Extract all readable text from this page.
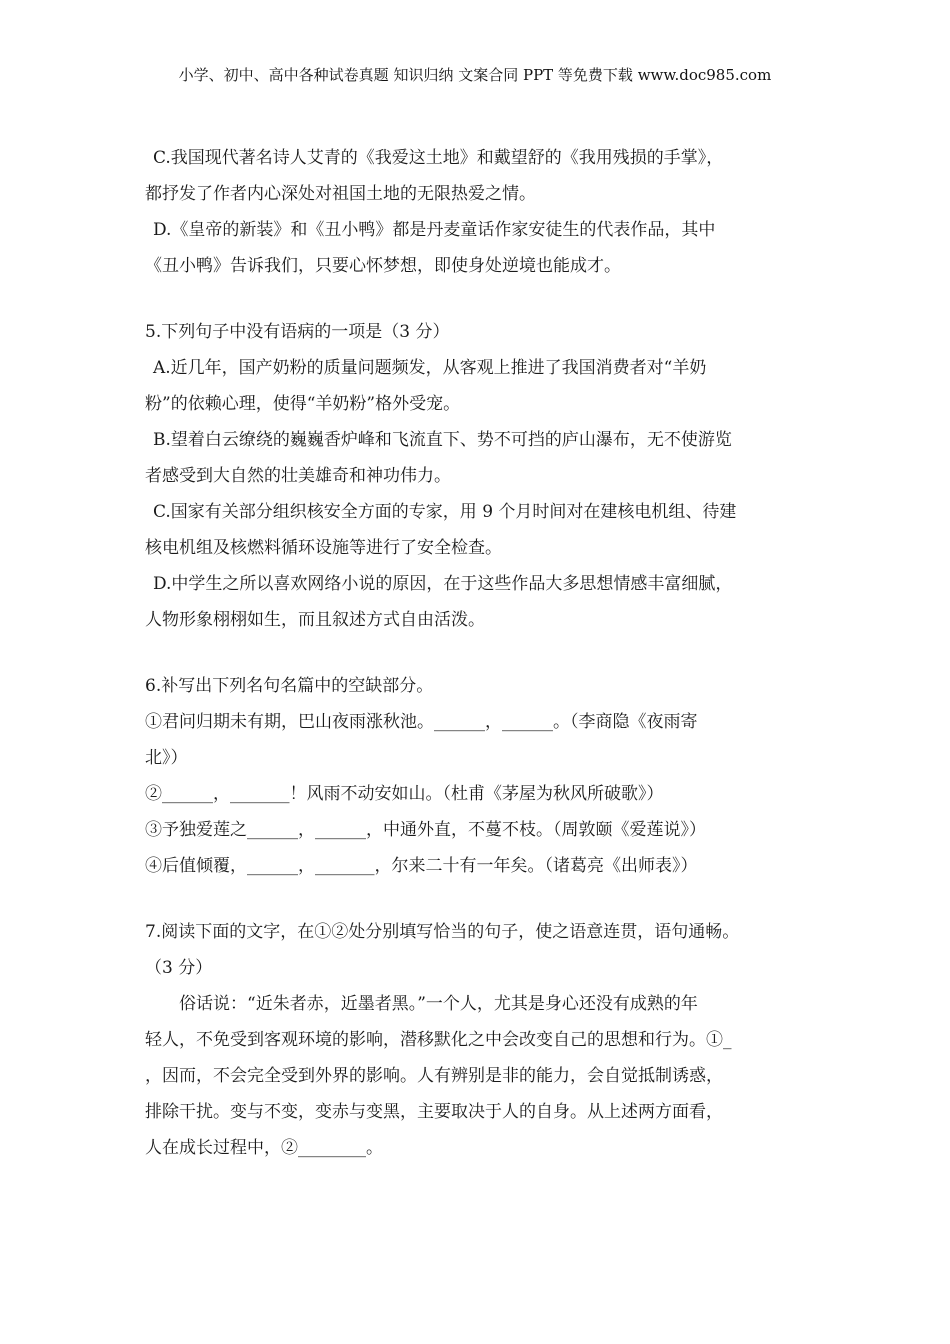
小学、初中、高中各种试卷真题 知识归纳 文案合同 PPT 等免费下载 www.doc985.com

C.我国现代著名诗人艾青的《我爱这土地》和戴望舒的《我用残损的手掌》，

都抒发了作者内心深处对祖国土地的无限热爱之情。

D.《皇帝的新装》和《丑小鸭》都是丹麦童话作家安徒生的代表作品，其中

《丑小鸭》告诉我们，只要心怀梦想，即使身处逆境也能成才。

5.下列句子中没有语病的一项是（3 分）

A.近几年，国产奶粉的质量问题频发，从客观上推进了我国消费者对“羊奶

粉”的依赖心理，使得“羊奶粉”格外受宠。

B.望着白云缭绕的巍巍香炉峰和飞流直下、势不可挡的庐山瀑布，无不使游览

者感受到大自然的壮美雄奇和神功伟力。

C.国家有关部分组织核安全方面的专家，用 9 个月时间对在建核电机组、待建

核电机组及核燃料循环设施等进行了安全检查。

D.中学生之所以喜欢网络小说的原因，在于这些作品大多思想情感丰富细腻，

人物形象栩栩如生，而且叙述方式自由活泼。

6.补写出下列名句名篇中的空缺部分。

①君问归期未有期，巴山夜雨涨秋池。______，______。（李商隐《夜雨寄

北》）

②______，_______！风雨不动安如山。（杜甫《茅屋为秋风所破歌》）

③予独爱莲之______，______，中通外直，不蔓不枝。（周敦颐《爱莲说》）

④后值倾覆，______，_______，尔来二十有一年矣。（诸葛亮《出师表》）

7.阅读下面的文字，在①②处分别填写恰当的句子，使之语意连贯，语句通畅。

（3 分）

俗话说：“近朱者赤，近墨者黑。”一个人，尤其是身心还没有成熟的年

轻人，不免受到客观环境的影响，潜移默化之中会改变自己的思想和行为。①_

，因而，不会完全受到外界的影响。人有辨别是非的能力，会自觉抵制诱惑，

排除干扰。变与不变，变赤与变黑，主要取决于人的自身。从上述两方面看，

人在成长过程中，②________。
